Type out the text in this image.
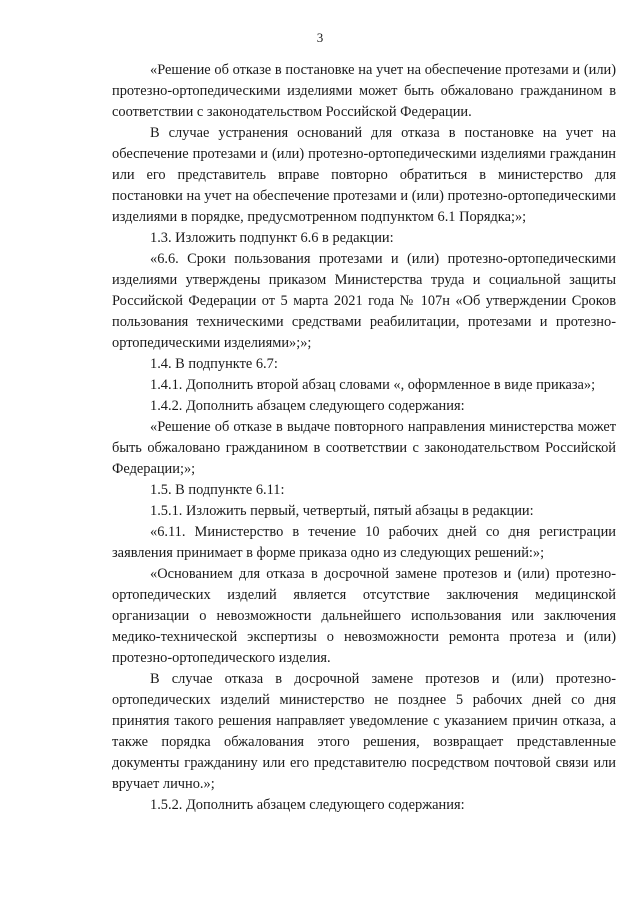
3

«Решение об отказе в постановке на учет на обеспечение протезами и (или) протезно-ортопедическими изделиями может быть обжаловано гражданином в соответствии с законодательством Российской Федерации.

В случае устранения оснований для отказа в постановке на учет на обеспечение протезами и (или) протезно-ортопедическими изделиями гражданин или его представитель вправе повторно обратиться в министерство для постановки на учет на обеспечение протезами и (или) протезно-ортопедическими изделиями в порядке, предусмотренном подпунктом 6.1 Порядка;»;

1.3. Изложить подпункт 6.6 в редакции:

«6.6. Сроки пользования протезами и (или) протезно-ортопедическими изделиями утверждены приказом Министерства труда и социальной защиты Российской Федерации от 5 марта 2021 года № 107н «Об утверждении Сроков пользования техническими средствами реабилитации, протезами и протезно-ортопедическими изделиями»;»;

1.4. В подпункте 6.7:

1.4.1. Дополнить второй абзац словами «, оформленное в виде приказа»;

1.4.2. Дополнить абзацем следующего содержания:

«Решение об отказе в выдаче повторного направления министерства может быть обжаловано гражданином в соответствии с законодательством Российской Федерации;»;

1.5. В подпункте 6.11:

1.5.1. Изложить первый, четвертый, пятый абзацы в редакции:

«6.11. Министерство в течение 10 рабочих дней со дня регистрации заявления принимает в форме приказа одно из следующих решений:»;

«Основанием для отказа в досрочной замене протезов и (или) протезно-ортопедических изделий является отсутствие заключения медицинской организации о невозможности дальнейшего использования или заключения медико-технической экспертизы о невозможности ремонта протеза и (или) протезно-ортопедического изделия.

В случае отказа в досрочной замене протезов и (или) протезно-ортопедических изделий министерство не позднее 5 рабочих дней со дня принятия такого решения направляет уведомление с указанием причин отказа, а также порядка обжалования этого решения, возвращает представленные документы гражданину или его представителю посредством почтовой связи или вручает лично.»;

1.5.2. Дополнить абзацем следующего содержания:
